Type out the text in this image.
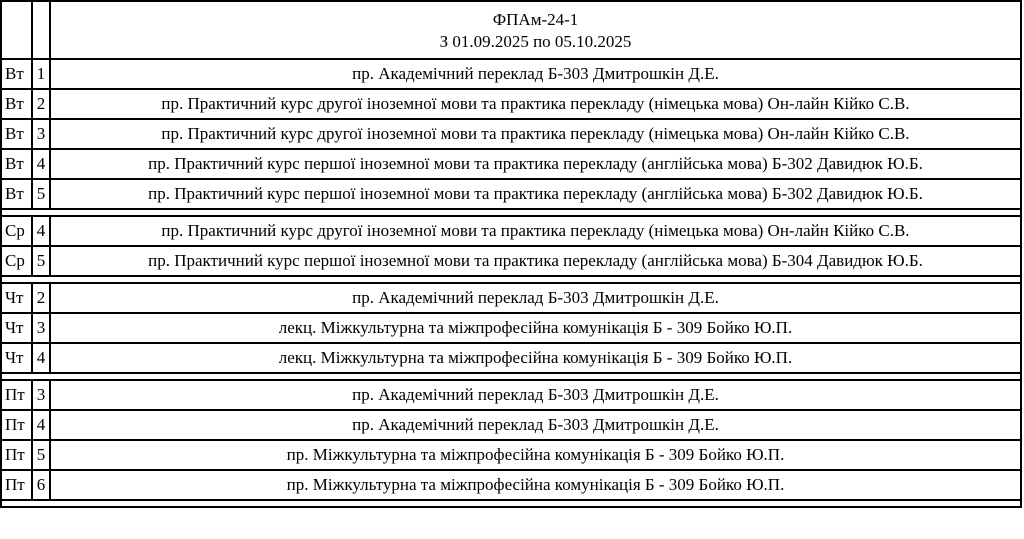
		ФПАм-24-1
З 01.09.2025 по 05.10.2025

Вт	1	пр. Академічний переклад Б-303 Дмитрошкін Д.Е.
Вт	2	пр. Практичний курс другої іноземної мови та практика перекладу (німецька мова) Он-лайн Кійко С.В.
Вт	3	пр. Практичний курс другої іноземної мови та практика перекладу (німецька мова) Он-лайн Кійко С.В.
Вт	4	пр. Практичний курс першої іноземної мови та практика перекладу (англійська мова) Б-302 Давидюк Ю.Б.
Вт	5	пр. Практичний курс першої іноземної мови та практика перекладу (англійська мова) Б-302 Давидюк Ю.Б.

Ср	4	пр. Практичний курс другої іноземної мови та практика перекладу (німецька мова) Он-лайн Кійко С.В.
Ср	5	пр. Практичний курс першої іноземної мови та практика перекладу (англійська мова) Б-304 Давидюк Ю.Б.

Чт	2	пр. Академічний переклад Б-303 Дмитрошкін Д.Е.
Чт	3	лекц. Міжкультурна та міжпрофесійна комунікація Б - 309 Бойко Ю.П.
Чт	4	лекц. Міжкультурна та міжпрофесійна комунікація Б - 309 Бойко Ю.П.

Пт	3	пр. Академічний переклад Б-303 Дмитрошкін Д.Е.
Пт	4	пр. Академічний переклад Б-303 Дмитрошкін Д.Е.
Пт	5	пр. Міжкультурна та міжпрофесійна комунікація Б - 309 Бойко Ю.П.
Пт	6	пр. Міжкультурна та міжпрофесійна комунікація Б - 309 Бойко Ю.П.
